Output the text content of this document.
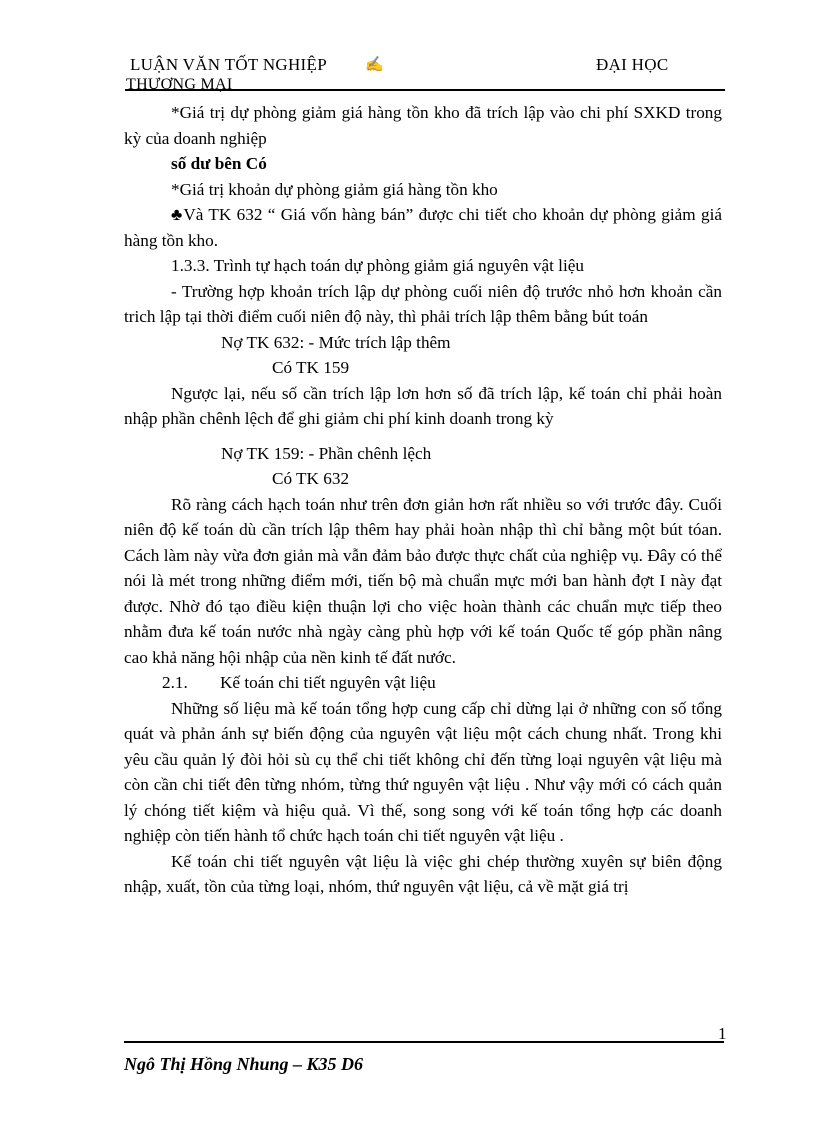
LUẬN VĂN TỐT NGHIỆP	✍	ĐẠI HỌC
THƯƠNG MẠI

*Giá trị dự phòng giảm giá hàng tồn kho đã trích lập vào chi phí SXKD trong kỳ của doanh nghiệp

số dư bên Có

*Giá trị khoản dự phòng giảm giá hàng tồn kho

♣Và TK 632 “ Giá vốn hàng bán” được chi tiết cho khoản dự phòng giảm giá hàng tồn kho.

1.3.3. Trình tự hạch toán dự phòng giảm giá nguyên vật liệu

- Trường hợp khoản trích lập dự phòng cuối niên độ trước nhỏ hơn khoản cần trich lập tại thời điểm cuối niên độ này, thì phải trích lập thêm bằng bút toán

Nợ TK 632: - Mức trích lập thêm

Có TK 159

Ngược lại, nếu số cần trích lập lơn hơn số đã trích lập, kế toán chỉ phải hoàn nhập phần chênh lệch để ghi giảm chi phí kinh doanh trong kỳ

Nợ TK 159: - Phần chênh lệch

Có TK 632

Rõ ràng cách hạch toán như trên đơn giản hơn rất nhiều so với trước đây. Cuối niên độ kế toán dù cần trích lập thêm hay phải hoàn nhập thì chỉ bằng một bút tóan. Cách làm này vừa đơn giản mà vẫn đảm bảo được thực chất của nghiệp vụ. Đây có thể nói là mét trong những điểm mới, tiến bộ mà chuẩn mực mới ban hành đợt I này đạt được. Nhờ đó tạo điều kiện thuận lợi cho việc hoàn thành các chuẩn mực tiếp theo nhằm đưa kế toán nước nhà ngày càng phù hợp với kế toán Quốc tế góp phần nâng cao khả năng hội nhập của nền kinh tế đất nước.

2.1. Kế toán chi tiết nguyên vật liệu

Những số liệu mà kế toán tổng hợp cung cấp chỉ dừng lại ở những con số tổng quát và phản ánh sự biến động của nguyên vật liệu một cách chung nhất. Trong khi yêu cầu quản lý đòi hỏi sù cụ thể chi tiết không chỉ đến từng loại nguyên vật liệu mà còn cần chi tiết đên từng nhóm, từng thứ nguyên vật liệu . Như vậy mới có cách quản lý chóng tiết kiệm và hiệu quả. Vì thế, song song với kế toán tổng hợp các doanh nghiệp còn tiến hành tổ chức hạch toán chi tiết nguyên vật liệu .

Kế toán chi tiết nguyên vật liệu là việc ghi chép thường xuyên sự biên động nhập, xuất, tồn của từng loại, nhóm, thứ nguyên vật liệu, cả về mặt giá trị

1
Ngô Thị Hồng Nhung – K35 D6
